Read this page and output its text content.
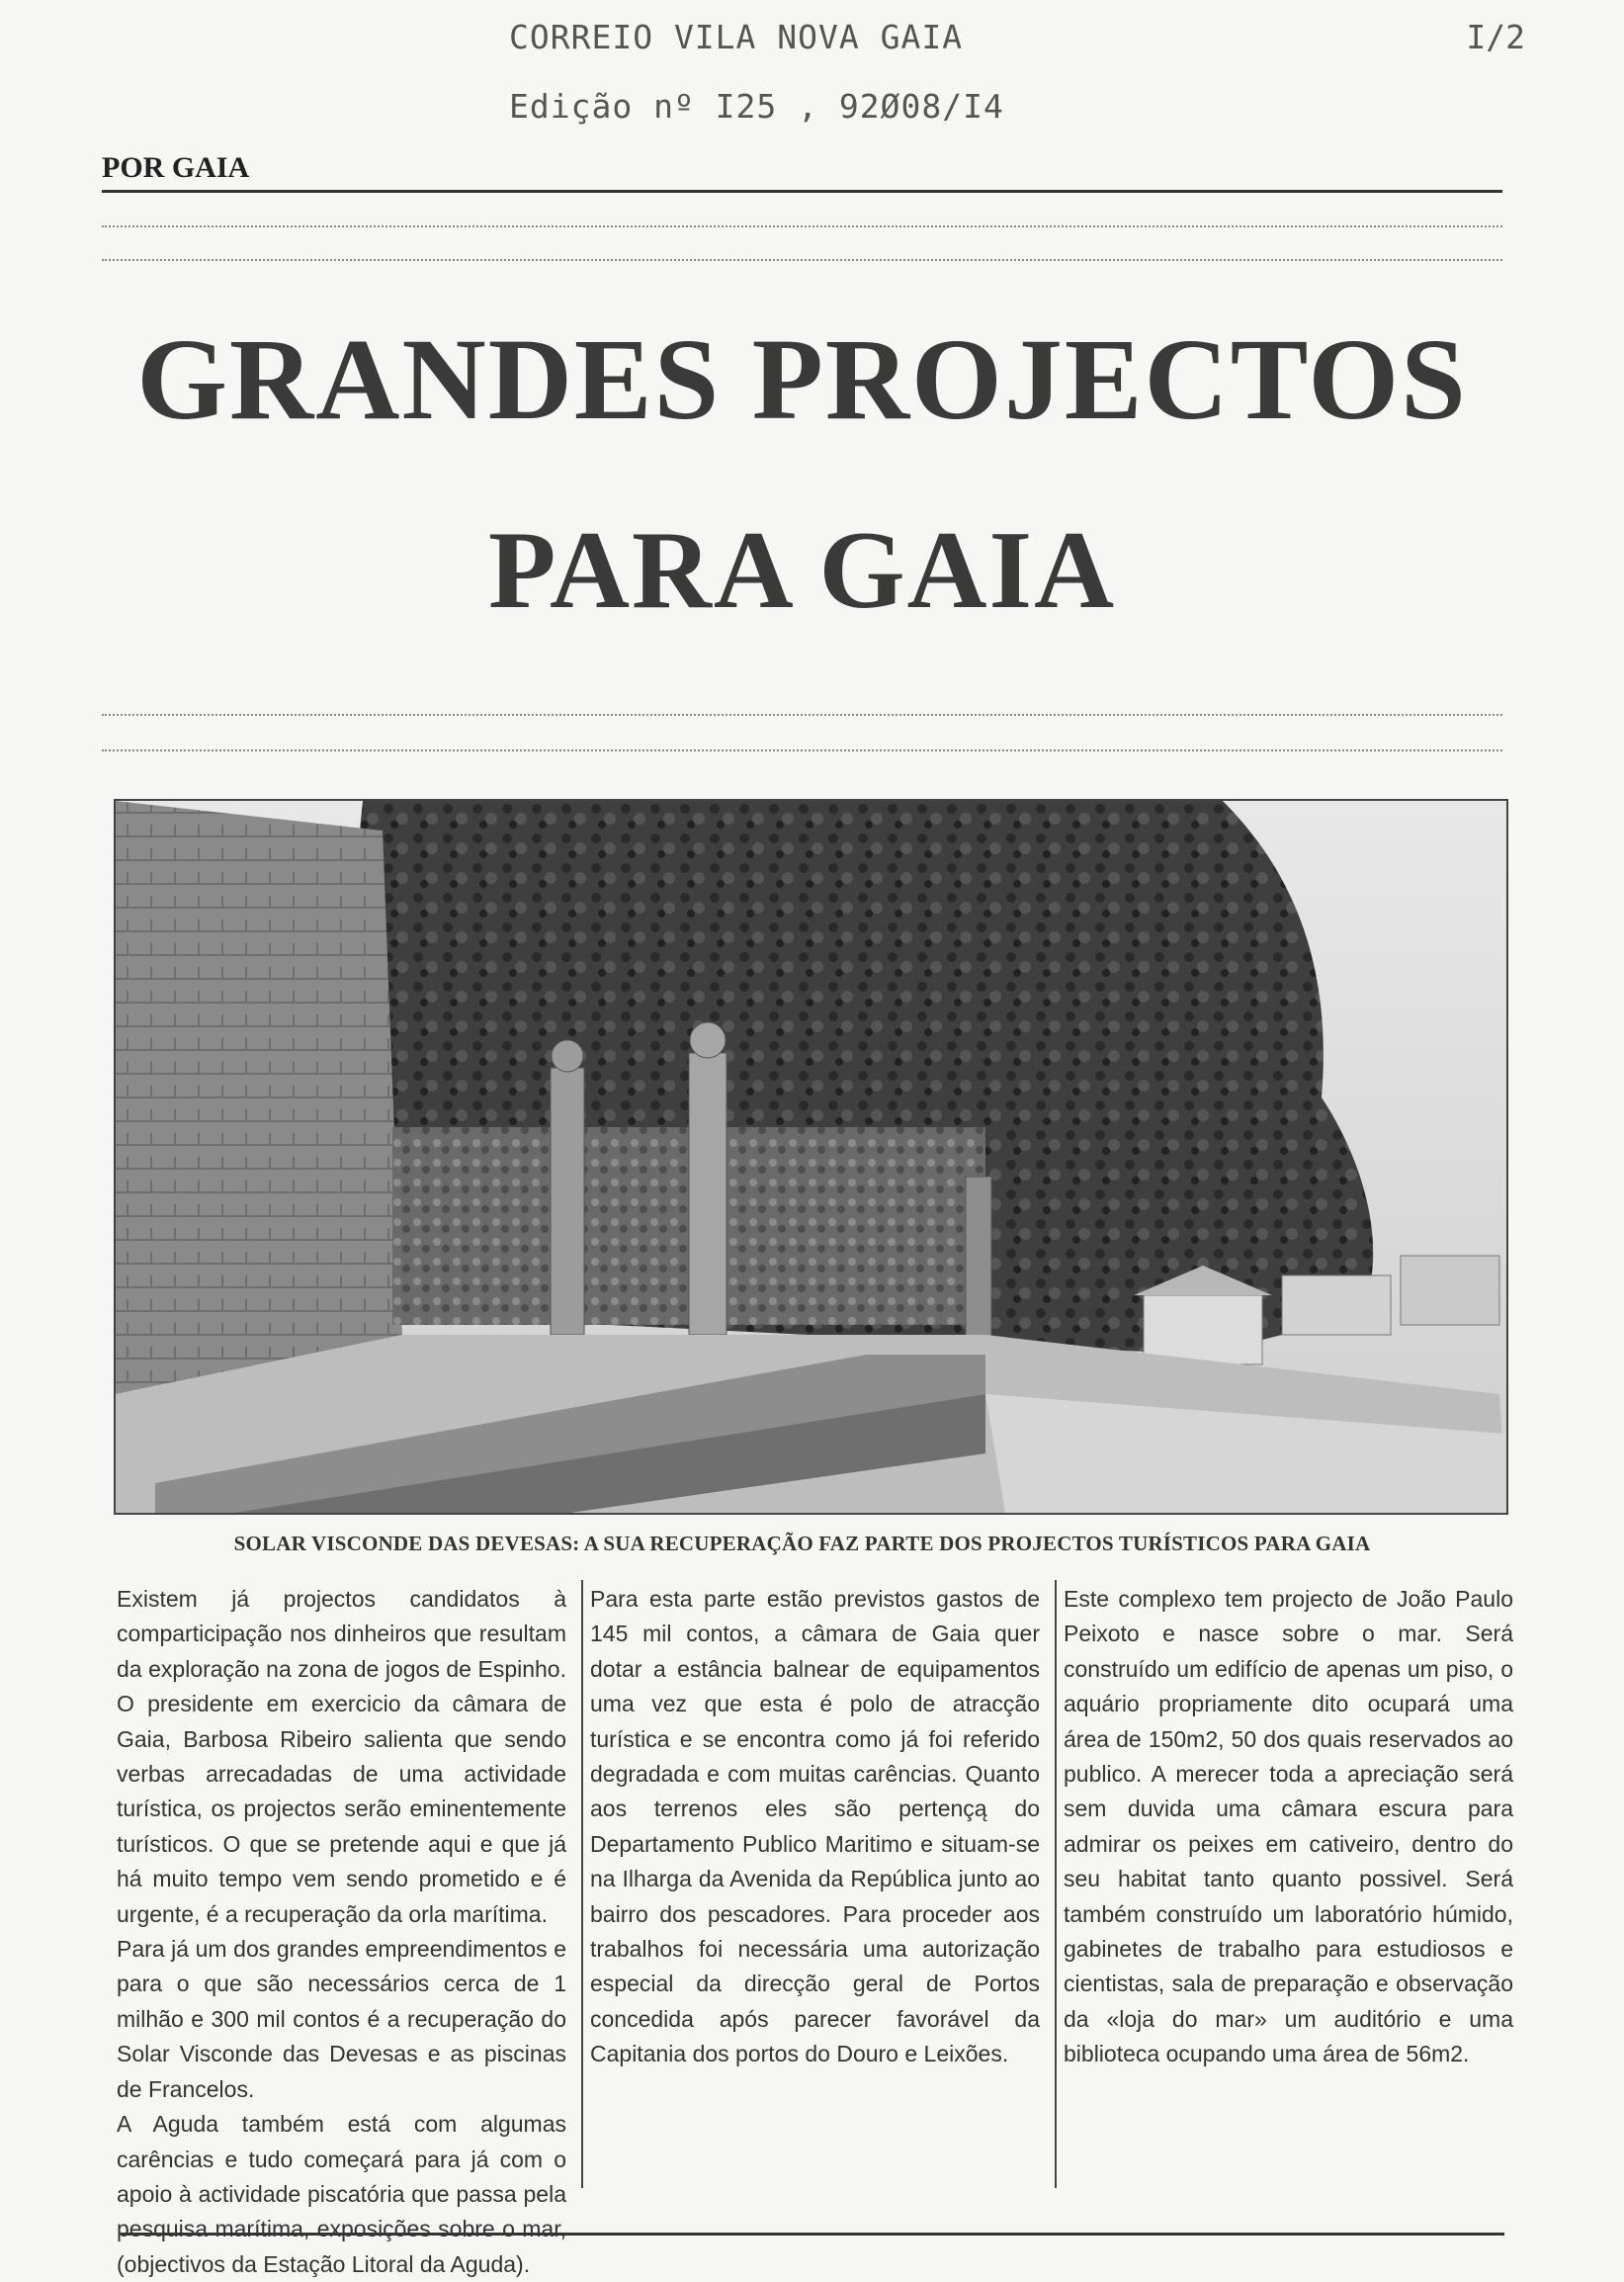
CORREIO VILA NOVA GAIA	I/2
Edição nº I25 , 92Ø08/I4
POR GAIA
GRANDES PROJECTOS
PARA GAIA
SOLAR VISCONDE DAS DEVESAS: A SUA RECUPERAÇÃO FAZ PARTE DOS PROJECTOS TURÍSTICOS PARA GAIA

Existem já projectos candidatos à comparticipação nos dinheiros que resultam da exploração na zona de jogos de Espinho. O presidente em exercicio da câmara de Gaia, Barbosa Ribeiro salienta que sendo verbas arrecadadas de uma actividade turística, os projectos serão eminentemente turísticos. O que se pretende aqui e que já há muito tempo vem sendo prometido e é urgente, é a recuperação da orla marítima.

Para já um dos grandes empreendimentos e para o que são necessários cerca de 1 milhão e 300 mil contos é a recuperação do Solar Visconde das Devesas e as piscinas de Francelos.

A Aguda também está com algumas carências e tudo começará para já com o apoio à actividade piscatória que passa pela pesquisa marítima, exposições sobre o mar, (objectivos da Estação Litoral da Aguda).

Para esta parte estão previstos gastos de 145 mil contos, a câmara de Gaia quer dotar a estância balnear de equipamentos uma vez que esta é polo de atracção turística e se encontra como já foi referido degradada e com muitas carências. Quanto aos terrenos eles são pertençą do Departamento Publico Maritimo e situam-se na Ilharga da Avenida da República junto ao bairro dos pescadores. Para proceder aos trabalhos foi necessária uma autorização especial da direcção geral de Portos concedida após parecer favorável da Capitania dos portos do Douro e Leixões.

Este complexo tem projecto de João Paulo Peixoto e nasce sobre o mar. Será construído um edifício de apenas um piso, o aquário propriamente dito ocupará uma área de 150m2, 50 dos quais reservados ao publico. A merecer toda a apreciação será sem duvida uma câmara escura para admirar os peixes em cativeiro, dentro do seu habitat tanto quanto possivel. Será também construído um laboratório húmido, gabinetes de trabalho para estudiosos e cientistas, sala de preparação e observação da «loja do mar» um auditório e uma biblioteca ocupando uma área de 56m2.
